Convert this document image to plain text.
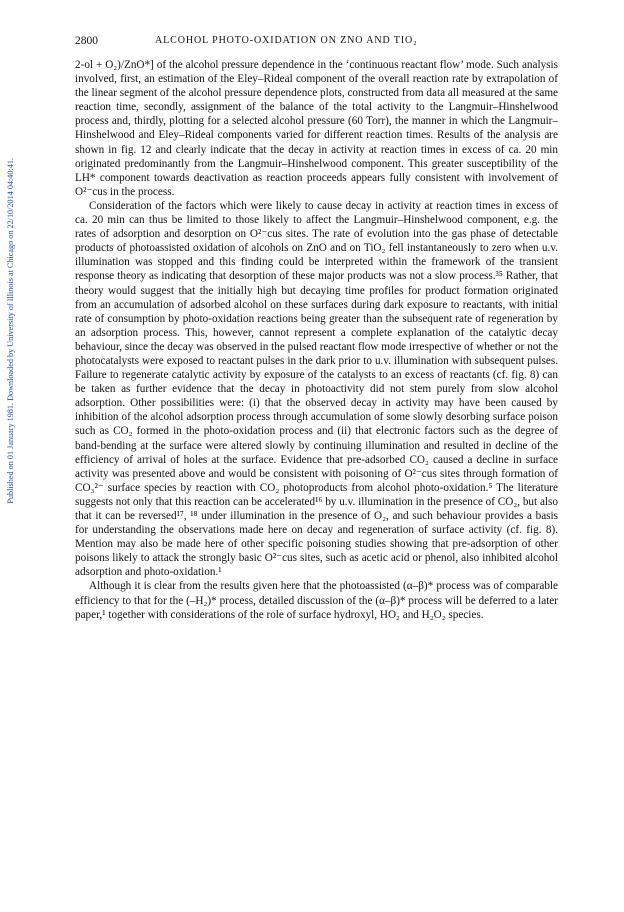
Published on 01 January 1981. Downloaded by University of Illinois at Chicago on 22/10/2014 04:40:41.
2800	ALCOHOL PHOTO-OXIDATION ON ZNO AND TIO₂

2-ol + O₂)/ZnO*] of the alcohol pressure dependence in the ‘continuous reactant flow’ mode. Such analysis involved, first, an estimation of the Eley–Rideal component of the overall reaction rate by extrapolation of the linear segment of the alcohol pressure dependence plots, constructed from data all measured at the same reaction time, secondly, assignment of the balance of the total activity to the Langmuir–Hinshelwood process and, thirdly, plotting for a selected alcohol pressure (60 Torr), the manner in which the Langmuir–Hinshelwood and Eley–Rideal components varied for different reaction times. Results of the analysis are shown in fig. 12 and clearly indicate that the decay in activity at reaction times in excess of ca. 20 min originated predominantly from the Langmuir–Hinshelwood component. This greater susceptibility of the LH* component towards deactivation as reaction proceeds appears fully consistent with involvement of O²⁻cus in the process.

Consideration of the factors which were likely to cause decay in activity at reaction times in excess of ca. 20 min can thus be limited to those likely to affect the Langmuir–Hinshelwood component, e.g. the rates of adsorption and desorption on O²⁻cus sites. The rate of evolution into the gas phase of detectable products of photoassisted oxidation of alcohols on ZnO and on TiO₂ fell instantaneously to zero when u.v. illumination was stopped and this finding could be interpreted within the framework of the transient response theory as indicating that desorption of these major products was not a slow process.³⁵ Rather, that theory would suggest that the initially high but decaying time profiles for product formation originated from an accumulation of adsorbed alcohol on these surfaces during dark exposure to reactants, with initial rate of consumption by photo-oxidation reactions being greater than the subsequent rate of regeneration by an adsorption process. This, however, cannot represent a complete explanation of the catalytic decay behaviour, since the decay was observed in the pulsed reactant flow mode irrespective of whether or not the photocatalysts were exposed to reactant pulses in the dark prior to u.v. illumination with subsequent pulses. Failure to regenerate catalytic activity by exposure of the catalysts to an excess of reactants (cf. fig. 8) can be taken as further evidence that the decay in photoactivity did not stem purely from slow alcohol adsorption. Other possibilities were: (i) that the observed decay in activity may have been caused by inhibition of the alcohol adsorption process through accumulation of some slowly desorbing surface poison such as CO₂ formed in the photo-oxidation process and (ii) that electronic factors such as the degree of band-bending at the surface were altered slowly by continuing illumination and resulted in decline of the efficiency of arrival of holes at the surface. Evidence that pre-adsorbed CO₂ caused a decline in surface activity was presented above and would be consistent with poisoning of O²⁻cus sites through formation of CO₃²⁻ surface species by reaction with CO₂ photoproducts from alcohol photo-oxidation.⁵ The literature suggests not only that this reaction can be accelerated¹⁶ by u.v. illumination in the presence of CO₂, but also that it can be reversed¹⁷, ¹⁸ under illumination in the presence of O₂, and such behaviour provides a basis for understanding the observations made here on decay and regeneration of surface activity (cf. fig. 8). Mention may also be made here of other specific poisoning studies showing that pre-adsorption of other poisons likely to attack the strongly basic O²⁻cus sites, such as acetic acid or phenol, also inhibited alcohol adsorption and photo-oxidation.¹

Although it is clear from the results given here that the photoassisted (α–β)* process was of comparable efficiency to that for the (–H₂)* process, detailed discussion of the (α–β)* process will be deferred to a later paper,¹ together with considerations of the role of surface hydroxyl, HO₂ and H₂O₂ species.
